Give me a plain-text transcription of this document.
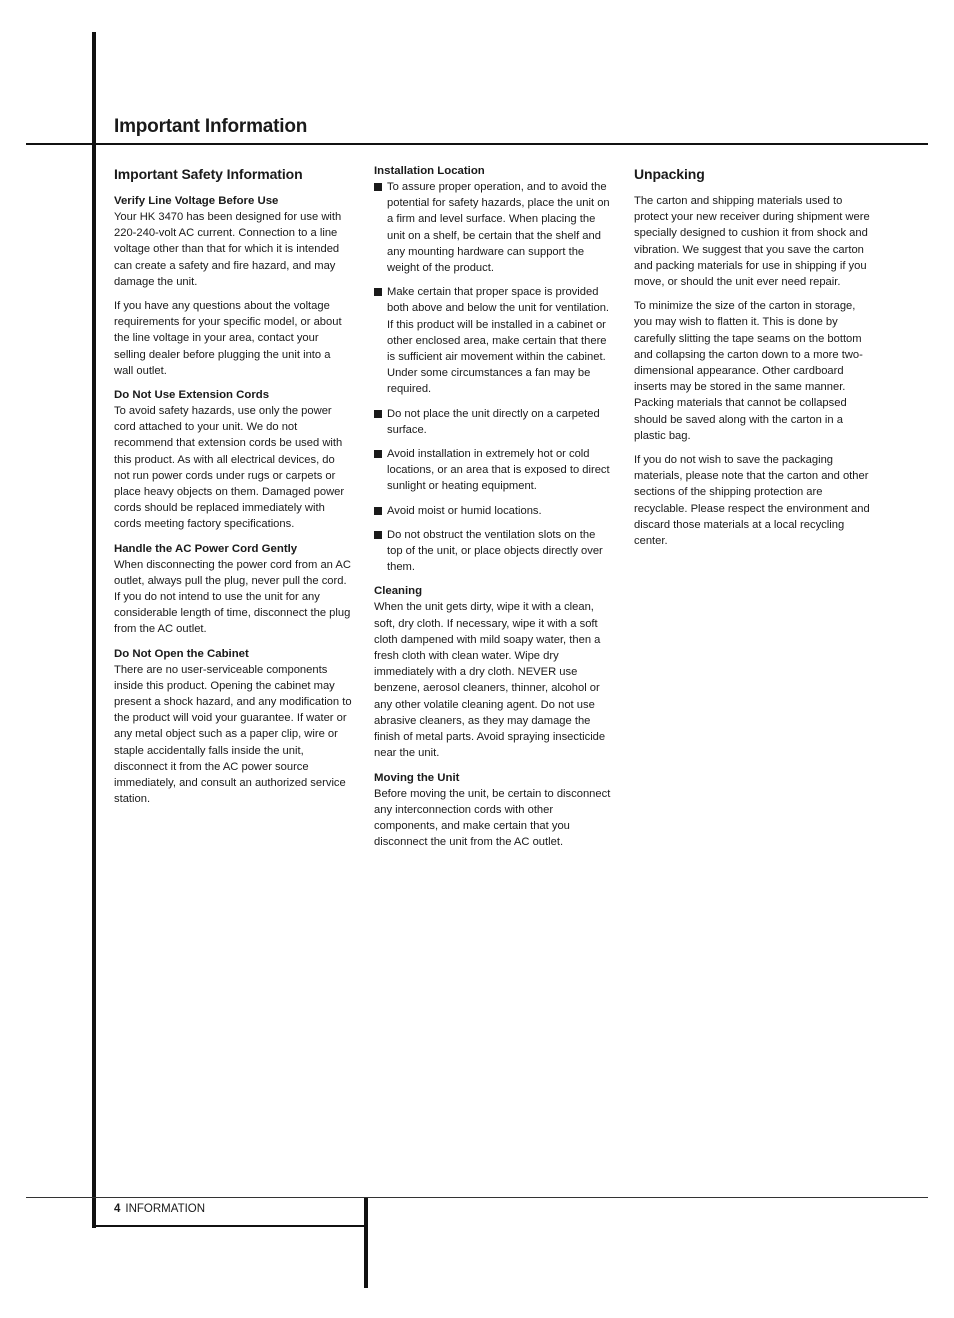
Important Information
Important Safety Information
Verify Line Voltage Before Use

Your HK 3470 has been designed for use with 220-240-volt AC current. Connection to a line voltage other than that for which it is intended can create a safety and fire hazard, and may damage the unit.

If you have any questions about the voltage requirements for your specific model, or about the line voltage in your area, contact your selling dealer before plugging the unit into a wall outlet.

Do Not Use Extension Cords

To avoid safety hazards, use only the power cord attached to your unit. We do not recommend that extension cords be used with this product. As with all electrical devices, do not run power cords under rugs or carpets or place heavy objects on them. Damaged power cords should be replaced immediately with cords meeting factory specifications.

Handle the AC Power Cord Gently

When disconnecting the power cord from an AC outlet, always pull the plug, never pull the cord. If you do not intend to use the unit for any considerable length of time, disconnect the plug from the AC outlet.

Do Not Open the Cabinet

There are no user-serviceable components inside this product. Opening the cabinet may present a shock hazard, and any modification to the product will void your guarantee. If water or any metal object such as a paper clip, wire or staple accidentally falls inside the unit, disconnect it from the AC power source immediately, and consult an authorized service station.

Installation Location
To assure proper operation, and to avoid the potential for safety hazards, place the unit on a firm and level surface. When placing the unit on a shelf, be certain that the shelf and any mounting hardware can support the weight of the product.
Make certain that proper space is provided both above and below the unit for ventilation. If this product will be installed in a cabinet or other enclosed area, make certain that there is sufficient air movement within the cabinet. Under some circumstances a fan may be required.
Do not place the unit directly on a carpeted surface.
Avoid installation in extremely hot or cold locations, or an area that is exposed to direct sunlight or heating equipment.
Avoid moist or humid locations.
Do not obstruct the ventilation slots on the top of the unit, or place objects directly over them.
Cleaning

When the unit gets dirty, wipe it with a clean, soft, dry cloth. If necessary, wipe it with a soft cloth dampened with mild soapy water, then a fresh cloth with clean water. Wipe dry immediately with a dry cloth. NEVER use benzene, aerosol cleaners, thinner, alcohol or any other volatile cleaning agent. Do not use abrasive cleaners, as they may damage the finish of metal parts. Avoid spraying insecticide near the unit.

Moving the Unit

Before moving the unit, be certain to disconnect any interconnection cords with other components, and make certain that you disconnect the unit from the AC outlet.

Unpacking

The carton and shipping materials used to protect your new receiver during shipment were specially designed to cushion it from shock and vibration. We suggest that you save the carton and packing materials for use in shipping if you move, or should the unit ever need repair.

To minimize the size of the carton in storage, you may wish to flatten it. This is done by carefully slitting the tape seams on the bottom and collapsing the carton down to a more two-dimensional appearance. Other cardboard inserts may be stored in the same manner. Packing materials that cannot be collapsed should be saved along with the carton in a plastic bag.

If you do not wish to save the packaging materials, please note that the carton and other sections of the shipping protection are recyclable. Please respect the environment and discard those materials at a local recycling center.

4 INFORMATION
